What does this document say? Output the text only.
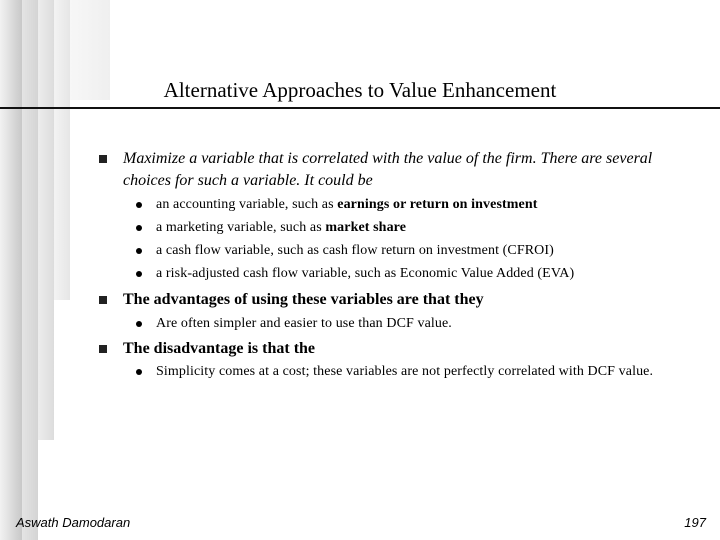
Alternative Approaches to Value Enhancement
Maximize a variable that is correlated with the value of the firm. There are several choices for such a variable. It could be
an accounting variable, such as earnings or return on investment
a marketing variable, such as market share
a cash flow variable, such as cash flow return on investment (CFROI)
a risk-adjusted cash flow variable, such as Economic Value Added (EVA)
The advantages of using these variables are that they
Are often simpler and easier to use than DCF value.
The disadvantage is that the
Simplicity comes at a cost; these variables are not perfectly correlated with DCF value.
Aswath Damodaran	197
